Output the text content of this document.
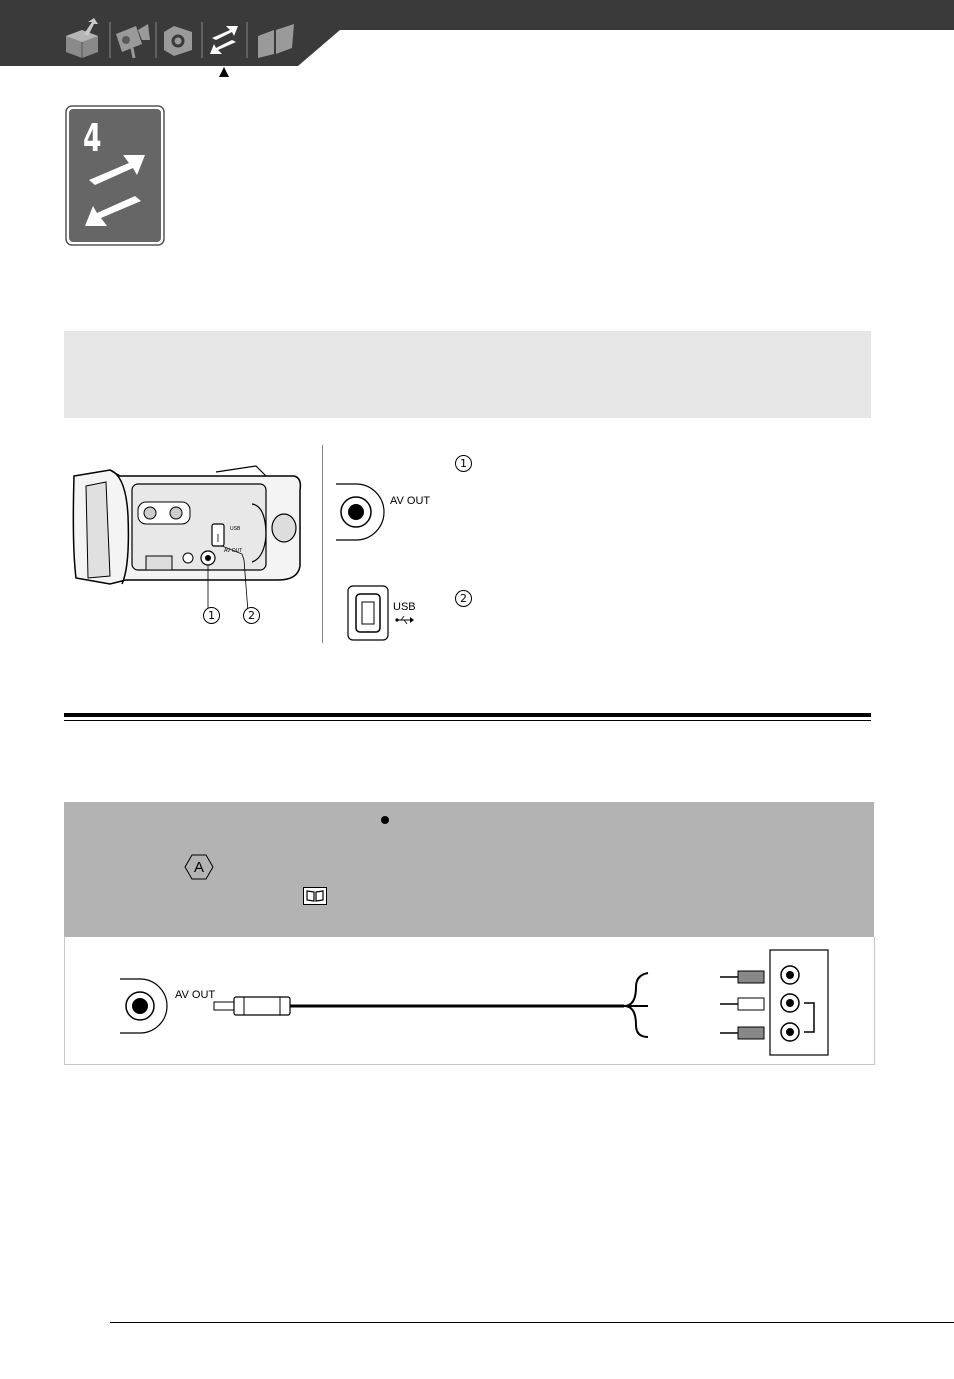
4
USB
AV OUT
1	2
AV OUT
1
USB
2
A
AV OUT
